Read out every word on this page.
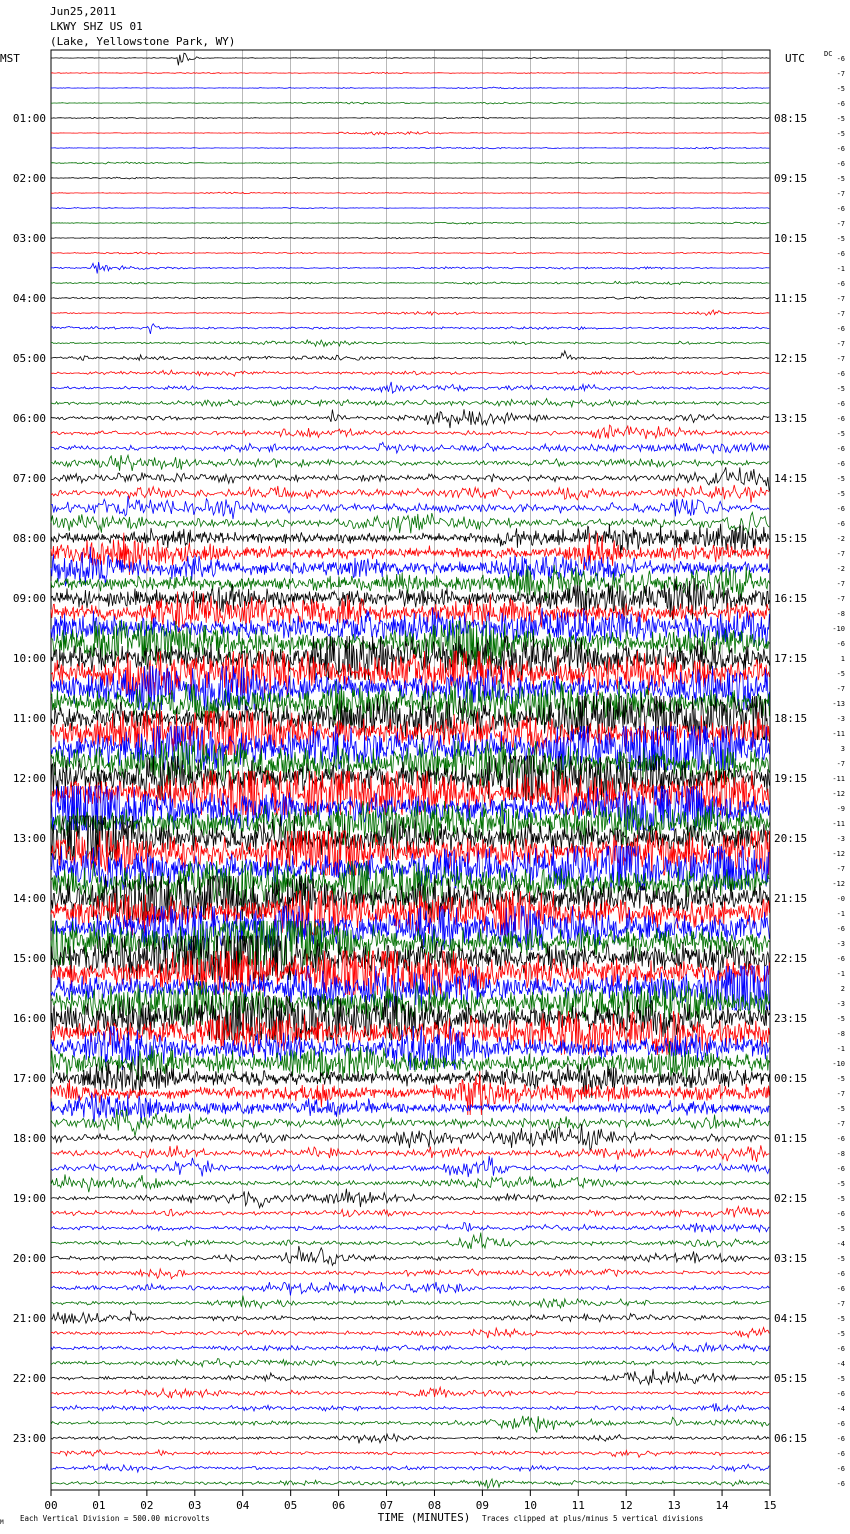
Jun25,2011
LKWY SHZ US 01
(Lake, Yellowstone Park, WY)
MST	UTC	DC
01:00	08:15
02:00	09:15
03:00	10:15
04:00	11:15
05:00	12:15
06:00	13:15
07:00	14:15
08:00	15:15
09:00	16:15
10:00	17:15
11:00	18:15
12:00	19:15
13:00	20:15
14:00	21:15
15:00	22:15
16:00	23:15
17:00	00:15
18:00	01:15
19:00	02:15
20:00	03:15
21:00	04:15
22:00	05:15
23:00	06:15
-6
-7
-5
-6
-5
-5
-6
-6
-5
-7
-6
-7
-5
-6
-1
-6
-7
-7
-6
-7
-7
-6
-5
-6
-6
-5
-6
-6
-5
-5
-6
-6
-2
-7
-2
-7
-7
-8
-10
-6
1
-5
-7
-13
-3
-11
3
-7
-11
-12
-9
-11
-3
-12
-7
-12
-0
-1
-6
-3
-6
-1
2
-3
-5
-8
-1
-10
-5
-7
-5
-7
-6
-8
-6
-5
-5
-6
-5
-4
-5
-6
-6
-7
-5
-5
-6
-4
-5
-6
-4
-6
-6
-6
-6
-6
00	01	02	03	04	05	06	07	08	09	10	11	12	13	14	15
TIME (MINUTES)
M Each Vertical Division = 500.00 microvolts	Traces clipped at plus/minus 5 vertical divisions
